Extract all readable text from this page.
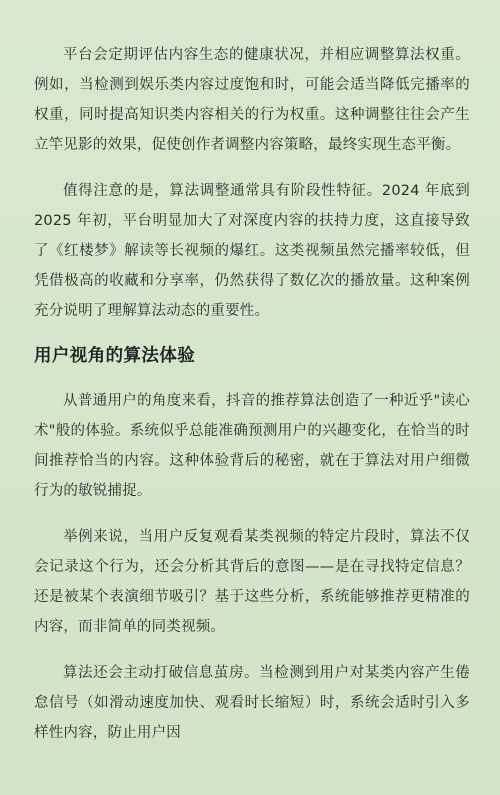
平台会定期评估内容生态的健康状况，并相应调整算法权重。例如，当检测到娱乐类内容过度饱和时，可能会适当降低完播率的权重，同时提高知识类内容相关的行为权重。这种调整往往会产生立竿见影的效果，促使创作者调整内容策略，最终实现生态平衡。

值得注意的是，算法调整通常具有阶段性特征。2024 年底到 2025 年初，平台明显加大了对深度内容的扶持力度，这直接导致了《红楼梦》解读等长视频的爆红。这类视频虽然完播率较低，但凭借极高的收藏和分享率，仍然获得了数亿次的播放量。这种案例充分说明了理解算法动态的重要性。

用户视角的算法体验

从普通用户的角度来看，抖音的推荐算法创造了一种近乎"读心术"般的体验。系统似乎总能准确预测用户的兴趣变化，在恰当的时间推荐恰当的内容。这种体验背后的秘密，就在于算法对用户细微行为的敏锐捕捉。

举例来说，当用户反复观看某类视频的特定片段时，算法不仅会记录这个行为，还会分析其背后的意图——是在寻找特定信息？还是被某个表演细节吸引？基于这些分析，系统能够推荐更精准的内容，而非简单的同类视频。

算法还会主动打破信息茧房。当检测到用户对某类内容产生倦怠信号（如滑动速度加快、观看时长缩短）时，系统会适时引入多样性内容，防止用户因
